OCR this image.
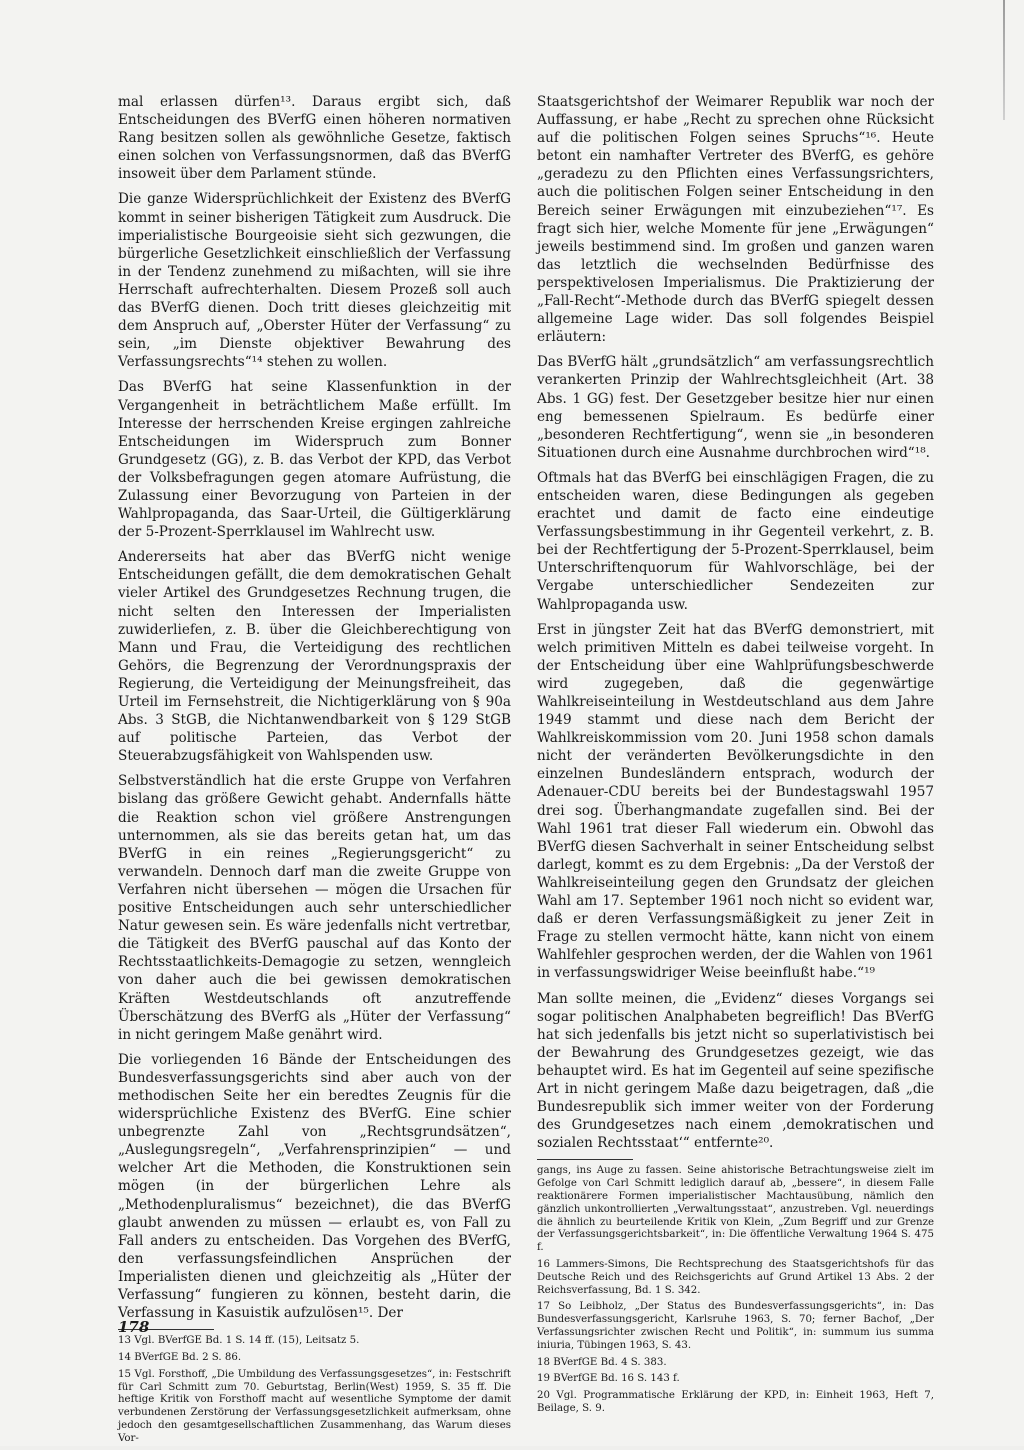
mal erlassen dürfen¹³. Daraus ergibt sich, daß Entscheidungen des BVerfG einen höheren normativen Rang besitzen sollen als gewöhnliche Gesetze, faktisch einen solchen von Verfassungsnormen, daß das BVerfG insoweit über dem Parlament stünde.

Die ganze Widersprüchlichkeit der Existenz des BVerfG kommt in seiner bisherigen Tätigkeit zum Ausdruck. Die imperialistische Bourgeoisie sieht sich gezwungen, die bürgerliche Gesetzlichkeit einschließlich der Verfassung in der Tendenz zunehmend zu mißachten, will sie ihre Herrschaft aufrechterhalten. Diesem Prozeß soll auch das BVerfG dienen. Doch tritt dieses gleichzeitig mit dem Anspruch auf, „Oberster Hüter der Verfassung“ zu sein, „im Dienste objektiver Bewahrung des Verfassungsrechts“¹⁴ stehen zu wollen.

Das BVerfG hat seine Klassenfunktion in der Vergangenheit in beträchtlichem Maße erfüllt. Im Interesse der herrschenden Kreise ergingen zahlreiche Entscheidungen im Widerspruch zum Bonner Grundgesetz (GG), z. B. das Verbot der KPD, das Verbot der Volksbefragungen gegen atomare Aufrüstung, die Zulassung einer Bevorzugung von Parteien in der Wahlpropaganda, das Saar-Urteil, die Gültigerklärung der 5-Prozent-Sperrklausel im Wahlrecht usw.

Andererseits hat aber das BVerfG nicht wenige Entscheidungen gefällt, die dem demokratischen Gehalt vieler Artikel des Grundgesetzes Rechnung trugen, die nicht selten den Interessen der Imperialisten zuwiderliefen, z. B. über die Gleichberechtigung von Mann und Frau, die Verteidigung des rechtlichen Gehörs, die Begrenzung der Verordnungspraxis der Regierung, die Verteidigung der Meinungsfreiheit, das Urteil im Fernsehstreit, die Nichtigerklärung von § 90a Abs. 3 StGB, die Nichtanwendbarkeit von § 129 StGB auf politische Parteien, das Verbot der Steuerabzugsfähigkeit von Wahlspenden usw.

Selbstverständlich hat die erste Gruppe von Verfahren bislang das größere Gewicht gehabt. Andernfalls hätte die Reaktion schon viel größere Anstrengungen unternommen, als sie das bereits getan hat, um das BVerfG in ein reines „Regierungsgericht“ zu verwandeln. Dennoch darf man die zweite Gruppe von Verfahren nicht übersehen — mögen die Ursachen für positive Entscheidungen auch sehr unterschiedlicher Natur gewesen sein. Es wäre jedenfalls nicht vertretbar, die Tätigkeit des BVerfG pauschal auf das Konto der Rechtsstaatlichkeits-Demagogie zu setzen, wenngleich von daher auch die bei gewissen demokratischen Kräften Westdeutschlands oft anzutreffende Überschätzung des BVerfG als „Hüter der Verfassung“ in nicht geringem Maße genährt wird.

Die vorliegenden 16 Bände der Entscheidungen des Bundesverfassungsgerichts sind aber auch von der methodischen Seite her ein beredtes Zeugnis für die widersprüchliche Existenz des BVerfG. Eine schier unbegrenzte Zahl von „Rechtsgrundsätzen“, „Auslegungsregeln“, „Verfahrensprinzipien“ — und welcher Art die Methoden, die Konstruktionen sein mögen (in der bürgerlichen Lehre als „Methodenpluralismus“ bezeichnet), die das BVerfG glaubt anwenden zu müssen — erlaubt es, von Fall zu Fall anders zu entscheiden. Das Vorgehen des BVerfG, den verfassungsfeindlichen Ansprüchen der Imperialisten dienen und gleichzeitig als „Hüter der Verfassung“ fungieren zu können, besteht darin, die Verfassung in Kasuistik aufzulösen¹⁵. Der

13 Vgl. BVerfGE Bd. 1 S. 14 ff. (15), Leitsatz 5.

14 BVerfGE Bd. 2 S. 86.

15 Vgl. Forsthoff, „Die Umbildung des Verfassungsgesetzes“, in: Festschrift für Carl Schmitt zum 70. Geburtstag, Berlin(West) 1959, S. 35 ff. Die heftige Kritik von Forsthoff macht auf wesentliche Symptome der damit verbundenen Zerstörung der Verfassungsgesetzlichkeit aufmerksam, ohne jedoch den gesamtgesellschaftlichen Zusammenhang, das Warum dieses Vor-

Staatsgerichtshof der Weimarer Republik war noch der Auffassung, er habe „Recht zu sprechen ohne Rücksicht auf die politischen Folgen seines Spruchs“¹⁶. Heute betont ein namhafter Vertreter des BVerfG, es gehöre „geradezu zu den Pflichten eines Verfassungsrichters, auch die politischen Folgen seiner Entscheidung in den Bereich seiner Erwägungen mit einzubeziehen“¹⁷. Es fragt sich hier, welche Momente für jene „Erwägungen“ jeweils bestimmend sind. Im großen und ganzen waren das letztlich die wechselnden Bedürfnisse des perspektivelosen Imperialismus. Die Praktizierung der „Fall-Recht“-Methode durch das BVerfG spiegelt dessen allgemeine Lage wider. Das soll folgendes Beispiel erläutern:

Das BVerfG hält „grundsätzlich“ am verfassungsrechtlich verankerten Prinzip der Wahlrechtsgleichheit (Art. 38 Abs. 1 GG) fest. Der Gesetzgeber besitze hier nur einen eng bemessenen Spielraum. Es bedürfe einer „besonderen Rechtfertigung“, wenn sie „in besonderen Situationen durch eine Ausnahme durchbrochen wird“¹⁸.

Oftmals hat das BVerfG bei einschlägigen Fragen, die zu entscheiden waren, diese Bedingungen als gegeben erachtet und damit de facto eine eindeutige Verfassungsbestimmung in ihr Gegenteil verkehrt, z. B. bei der Rechtfertigung der 5-Prozent-Sperrklausel, beim Unterschriftenquorum für Wahlvorschläge, bei der Vergabe unterschiedlicher Sendezeiten zur Wahlpropaganda usw.

Erst in jüngster Zeit hat das BVerfG demonstriert, mit welch primitiven Mitteln es dabei teilweise vorgeht. In der Entscheidung über eine Wahlprüfungsbeschwerde wird zugegeben, daß die gegenwärtige Wahlkreiseinteilung in Westdeutschland aus dem Jahre 1949 stammt und diese nach dem Bericht der Wahlkreiskommission vom 20. Juni 1958 schon damals nicht der veränderten Bevölkerungsdichte in den einzelnen Bundesländern entsprach, wodurch der Adenauer-CDU bereits bei der Bundestagswahl 1957 drei sog. Überhangmandate zugefallen sind. Bei der Wahl 1961 trat dieser Fall wiederum ein. Obwohl das BVerfG diesen Sachverhalt in seiner Entscheidung selbst darlegt, kommt es zu dem Ergebnis: „Da der Verstoß der Wahlkreiseinteilung gegen den Grundsatz der gleichen Wahl am 17. September 1961 noch nicht so evident war, daß er deren Verfassungsmäßigkeit zu jener Zeit in Frage zu stellen vermocht hätte, kann nicht von einem Wahlfehler gesprochen werden, der die Wahlen von 1961 in verfassungswidriger Weise beeinflußt habe.“¹⁹

Man sollte meinen, die „Evidenz“ dieses Vorgangs sei sogar politischen Analphabeten begreiflich! Das BVerfG hat sich jedenfalls bis jetzt nicht so superlativistisch bei der Bewahrung des Grundgesetzes gezeigt, wie das behauptet wird. Es hat im Gegenteil auf seine spezifische Art in nicht geringem Maße dazu beigetragen, daß „die Bundesrepublik sich immer weiter von der Forderung des Grundgesetzes nach einem ‚demokratischen und sozialen Rechtsstaat‘“ entfernte²⁰.

gangs, ins Auge zu fassen. Seine ahistorische Betrachtungsweise zielt im Gefolge von Carl Schmitt lediglich darauf ab, „bessere“, in diesem Falle reaktionärere Formen imperialistischer Machtausübung, nämlich den gänzlich unkontrollierten „Verwaltungsstaat“, anzustreben. Vgl. neuerdings die ähnlich zu beurteilende Kritik von Klein, „Zum Begriff und zur Grenze der Verfassungsgerichtsbarkeit“, in: Die öffentliche Verwaltung 1964 S. 475 f.

16 Lammers-Simons, Die Rechtsprechung des Staatsgerichtshofs für das Deutsche Reich und des Reichsgerichts auf Grund Artikel 13 Abs. 2 der Reichsverfassung, Bd. 1 S. 342.

17 So Leibholz, „Der Status des Bundesverfassungsgerichts“, in: Das Bundesverfassungsgericht, Karlsruhe 1963, S. 70; ferner Bachof, „Der Verfassungsrichter zwischen Recht und Politik“, in: summum ius summa iniuria, Tübingen 1963, S. 43.

18 BVerfGE Bd. 4 S. 383.

19 BVerfGE Bd. 16 S. 143 f.

20 Vgl. Programmatische Erklärung der KPD, in: Einheit 1963, Heft 7, Beilage, S. 9.

178
